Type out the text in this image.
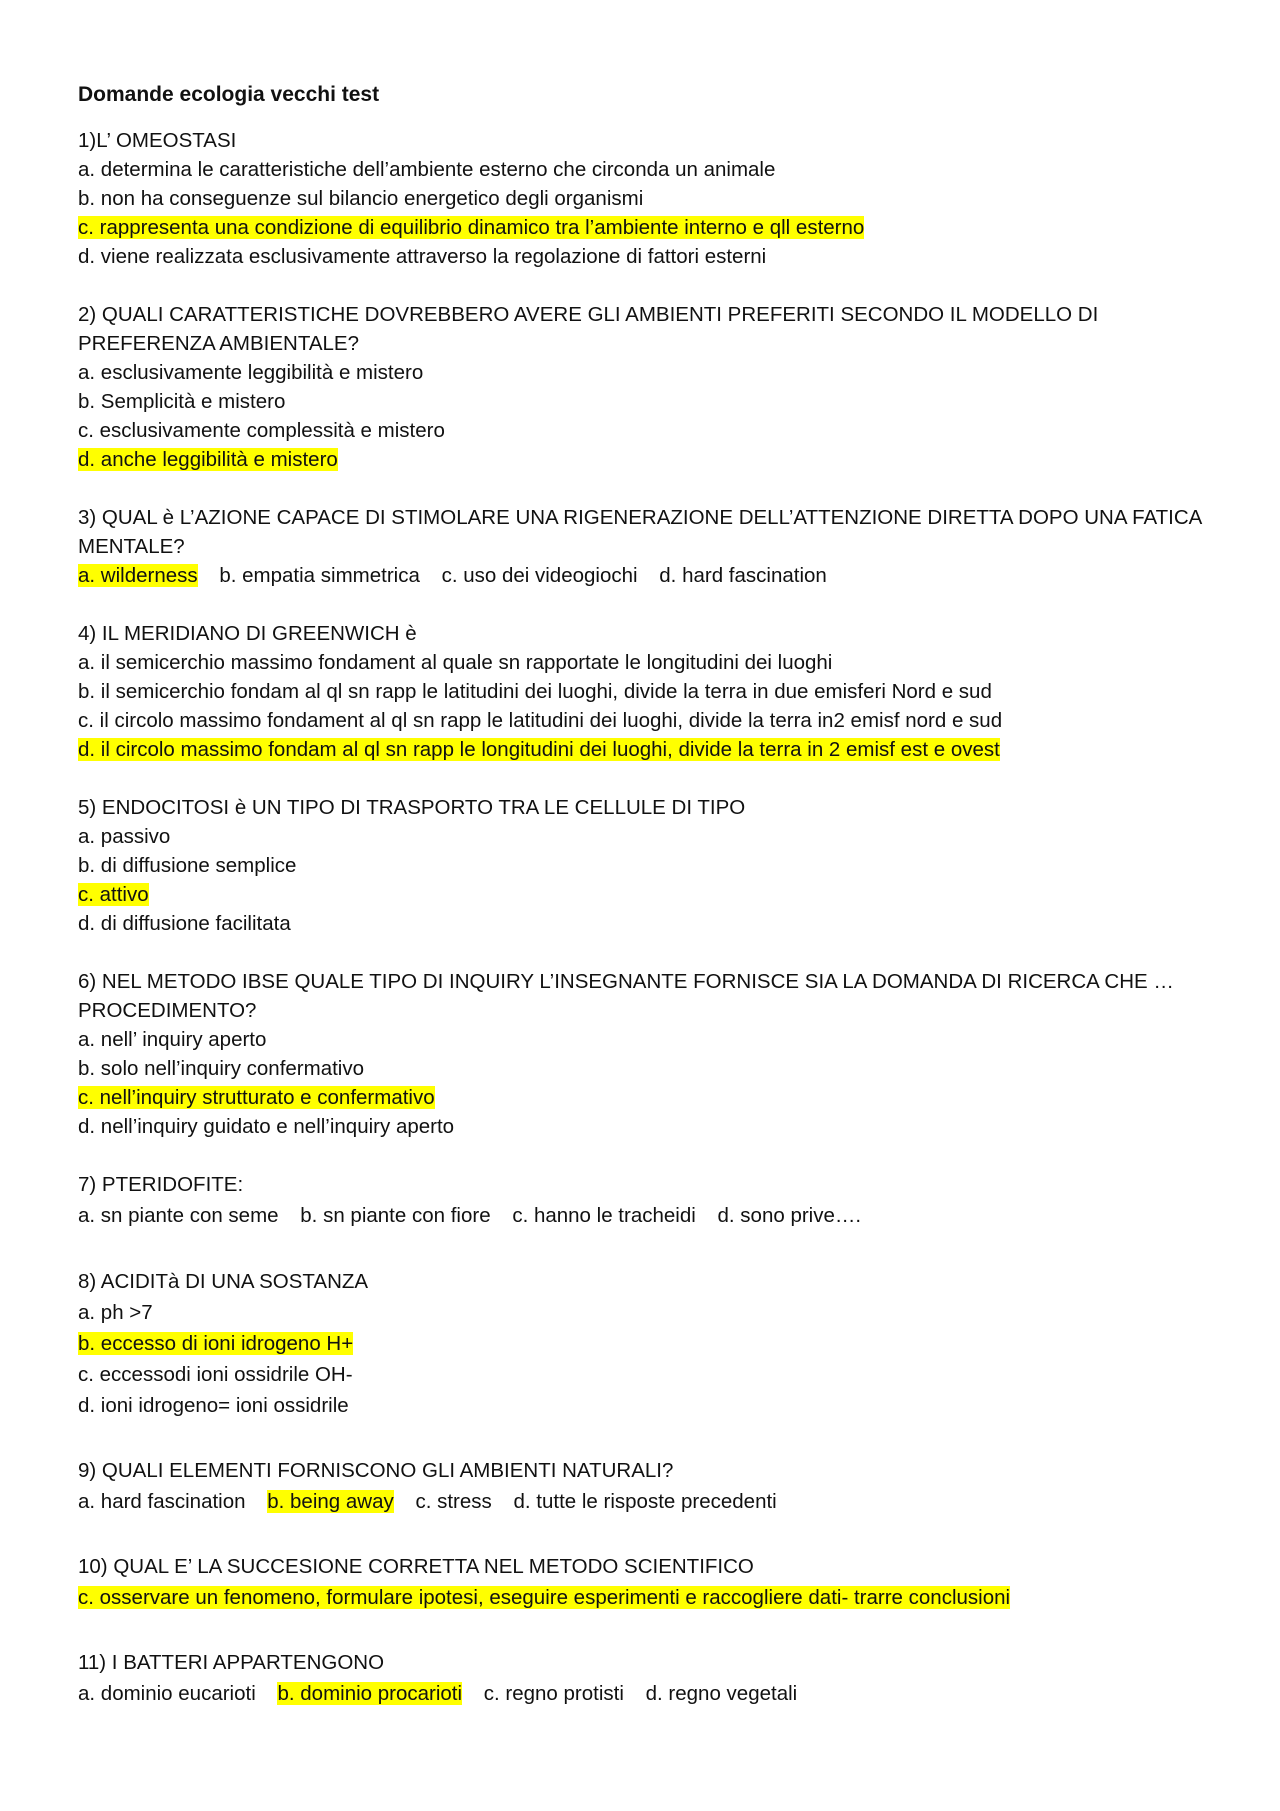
Domande ecologia vecchi test
1)L’ OMEOSTASI
a. determina le caratteristiche dell’ambiente esterno che circonda un animale
b. non ha conseguenze sul bilancio energetico degli organismi
c. rappresenta una condizione di equilibrio dinamico tra l’ambiente interno e qll esterno
d. viene realizzata esclusivamente attraverso la regolazione di fattori esterni
2) QUALI CARATTERISTICHE DOVREBBERO AVERE GLI AMBIENTI PREFERITI SECONDO IL MODELLO DI PREFERENZA AMBIENTALE?
a. esclusivamente leggibilità e mistero
b. Semplicità e mistero
c. esclusivamente complessità e mistero
d. anche leggibilità e mistero
3) QUAL è L’AZIONE CAPACE DI STIMOLARE UNA RIGENERAZIONE DELL’ATTENZIONE DIRETTA DOPO UNA FATICA MENTALE?
a. wilderness b. empatia simmetrica c. uso dei videogiochi d. hard fascination
4) IL MERIDIANO DI GREENWICH è
a. il semicerchio massimo fondament al quale sn rapportate le longitudini dei luoghi
b. il semicerchio fondam al ql sn rapp le latitudini dei luoghi, divide la terra in due emisferi Nord e sud
c. il circolo massimo fondament al ql sn rapp le latitudini dei luoghi, divide la terra in2 emisf nord e sud
d. il circolo massimo fondam al ql sn rapp le longitudini dei luoghi, divide la terra in 2 emisf est e ovest
5) ENDOCITOSI è UN TIPO DI TRASPORTO TRA LE CELLULE DI TIPO
a. passivo
b. di diffusione semplice
c. attivo
d. di diffusione facilitata
6) NEL METODO IBSE QUALE TIPO DI INQUIRY L’INSEGNANTE FORNISCE SIA LA DOMANDA DI RICERCA CHE …PROCEDIMENTO?
a. nell’ inquiry aperto
b. solo nell’inquiry confermativo
c. nell’inquiry strutturato e confermativo
d. nell’inquiry guidato e nell’inquiry aperto
7) PTERIDOFITE:
a. sn piante con seme b. sn piante con fiore c. hanno le tracheidi d. sono prive….
8) ACIDITà DI UNA SOSTANZA
a. ph >7
b. eccesso di ioni idrogeno H+
c. eccessodi ioni ossidrile OH-
d. ioni idrogeno= ioni ossidrile
9) QUALI ELEMENTI FORNISCONO GLI AMBIENTI NATURALI?
a. hard fascination b. being away c. stress d. tutte le risposte precedenti
10) QUAL E’ LA SUCCESIONE CORRETTA NEL METODO SCIENTIFICO
c. osservare un fenomeno, formulare ipotesi, eseguire esperimenti e raccogliere dati- trarre conclusioni
11) I BATTERI APPARTENGONO
a. dominio eucarioti b. dominio procarioti c. regno protisti d. regno vegetali
